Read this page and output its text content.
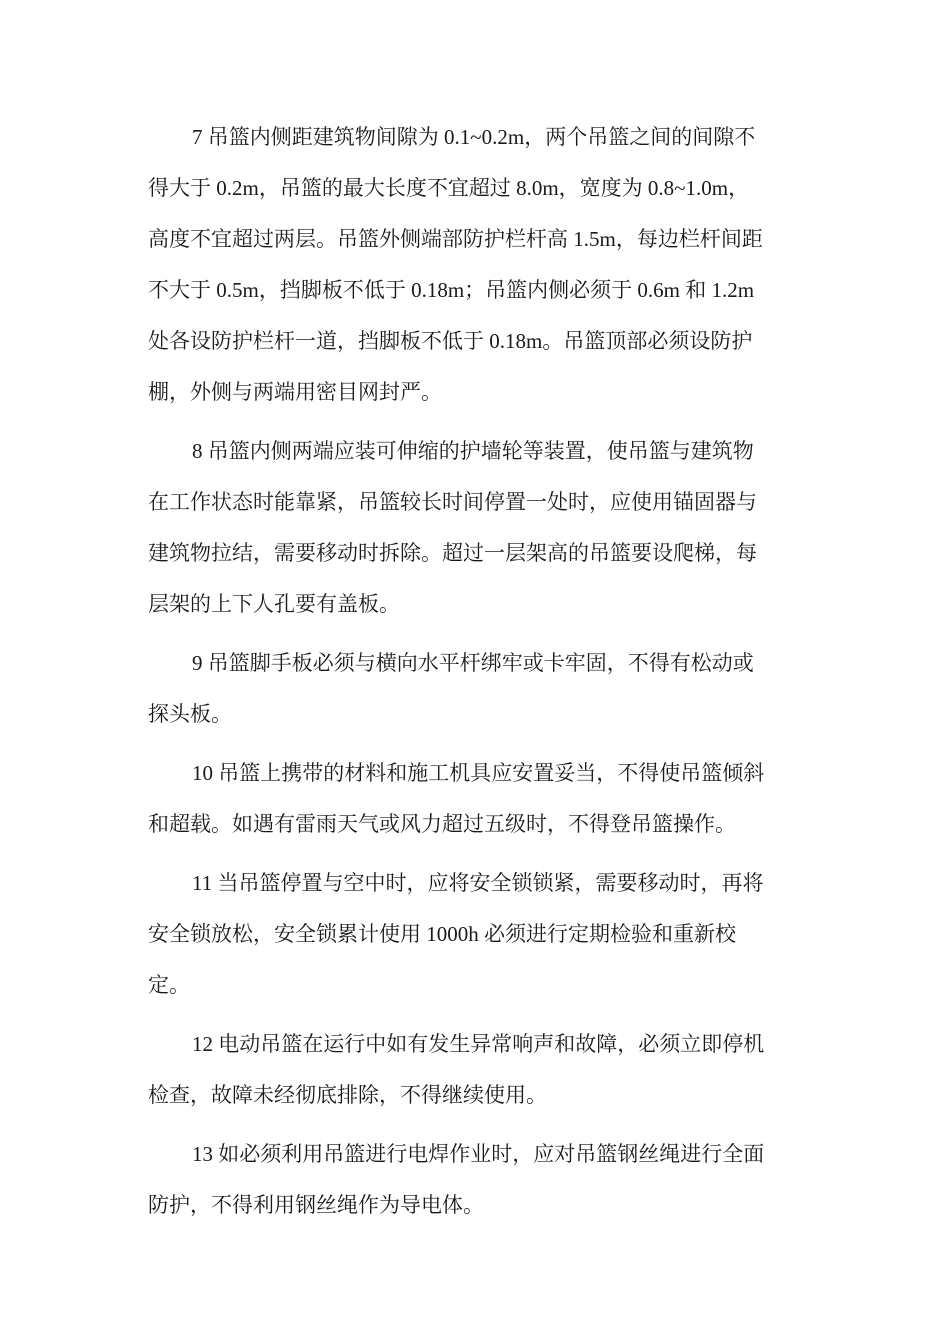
7 吊篮内侧距建筑物间隙为 0.1~0.2m，两个吊篮之间的间隙不
得大于 0.2m，吊篮的最大长度不宜超过 8.0m，宽度为 0.8~1.0m，
高度不宜超过两层。吊篮外侧端部防护栏杆高 1.5m，每边栏杆间距
不大于 0.5m，挡脚板不低于 0.18m；吊篮内侧必须于 0.6m 和 1.2m
处各设防护栏杆一道，挡脚板不低于 0.18m。吊篮顶部必须设防护
棚，外侧与两端用密目网封严。

8 吊篮内侧两端应装可伸缩的护墙轮等装置，使吊篮与建筑物
在工作状态时能靠紧，吊篮较长时间停置一处时，应使用锚固器与
建筑物拉结，需要移动时拆除。超过一层架高的吊篮要设爬梯，每
层架的上下人孔要有盖板。

9 吊篮脚手板必须与横向水平杆绑牢或卡牢固，不得有松动或
探头板。

10 吊篮上携带的材料和施工机具应安置妥当，不得使吊篮倾斜
和超载。如遇有雷雨天气或风力超过五级时，不得登吊篮操作。

11 当吊篮停置与空中时，应将安全锁锁紧，需要移动时，再将
安全锁放松，安全锁累计使用 1000h 必须进行定期检验和重新校
定。

12 电动吊篮在运行中如有发生异常响声和故障，必须立即停机
检查，故障未经彻底排除，不得继续使用。

13 如必须利用吊篮进行电焊作业时，应对吊篮钢丝绳进行全面
防护，不得利用钢丝绳作为导电体。
